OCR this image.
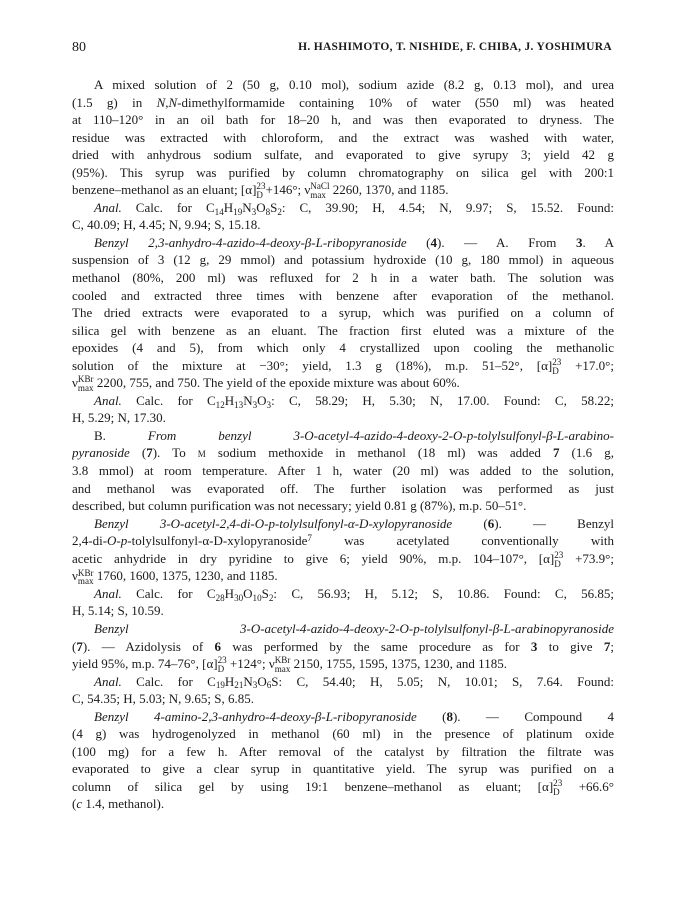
80	H. HASHIMOTO, T. NISHIDE, F. CHIBA, J. YOSHIMURA
A mixed solution of 2 (50 g, 0.10 mol), sodium azide (8.2 g, 0.13 mol), and urea
(1.5 g) in N,N-dimethylformamide containing 10% of water (550 ml) was heated
at 110–120° in an oil bath for 18–20 h, and was then evaporated to dryness. The
residue was extracted with chloroform, and the extract was washed with water,
dried with anhydrous sodium sulfate, and evaporated to give syrupy 3; yield 42 g
(95%). This syrup was purified by column chromatography on silica gel with 200:1
benzene–methanol as an eluant; [α] 23
D +146°; ν NaCl
max 2260, 1370, and 1185.
Anal. Calc. for $C_{14}H_{19}N_3O_8S_2$: C, 39.90; H, 4.54; N, 9.97; S, 15.52. Found:
C, 40.09; H, 4.45; N, 9.94; S, 15.18.
Benzyl 2,3-anhydro-4-azido-4-deoxy-β-L-ribopyranoside (4). — A. From 3. A
suspension of 3 (12 g, 29 mmol) and potassium hydroxide (10 g, 180 mmol) in aqueous
methanol (80%, 200 ml) was refluxed for 2 h in a water bath. The solution was
cooled and extracted three times with benzene after evaporation of the methanol.
The dried extracts were evaporated to a syrup, which was purified on a column of
silica gel with benzene as an eluant. The fraction first eluted was a mixture of the
epoxides (4 and 5), from which only 4 crystallized upon cooling the methanolic
solution of the mixture at −30°; yield, 1.3 g (18%), m.p. 51–52°, [α] 23
D +17.0°;
ν KBr
max 2200, 755, and 750. The yield of the epoxide mixture was about 60%.
Anal. Calc. for $C_{12}H_{13}N_3O_3$: C, 58.29; H, 5.30; N, 17.00. Found: C, 58.22;
H, 5.29; N, 17.30.
B. From benzyl 3-O-acetyl-4-azido-4-deoxy-2-O-p-tolylsulfonyl-β-L-arabino-
pyranoside (7). To m sodium methoxide in methanol (18 ml) was added 7 (1.6 g,
3.8 mmol) at room temperature. After 1 h, water (20 ml) was added to the solution,
and methanol was evaporated off. The further isolation was performed as just
described, but column purification was not necessary; yield 0.81 g (87%), m.p. 50–51°.
Benzyl 3-O-acetyl-2,4-di-O-p-tolylsulfonyl-α-D-xylopyranoside (6). — Benzyl
2,4-di-O-p-tolylsulfonyl-α-D-xylopyranoside$^7$ was acetylated conventionally with
acetic anhydride in dry pyridine to give 6; yield 90%, m.p. 104–107°, [α] 23
D +73.9°;
ν KBr
max 1760, 1600, 1375, 1230, and 1185.
Anal. Calc. for $C_{28}H_{30}O_{10}S_2$: C, 56.93; H, 5.12; S, 10.86. Found: C, 56.85;
H, 5.14; S, 10.59.
Benzyl 3-O-acetyl-4-azido-4-deoxy-2-O-p-tolylsulfonyl-β-L-arabinopyranoside
(7). — Azidolysis of 6 was performed by the same procedure as for 3 to give 7;
yield 95%, m.p. 74–76°, [α] 23
D +124°; ν KBr
max 2150, 1755, 1595, 1375, 1230, and 1185.
Anal. Calc. for $C_{19}H_{21}N_3O_6S$: C, 54.40; H, 5.05; N, 10.01; S, 7.64. Found:
C, 54.35; H, 5.03; N, 9.65; S, 6.85.
Benzyl 4-amino-2,3-anhydro-4-deoxy-β-L-ribopyranoside (8). — Compound 4
(4 g) was hydrogenolyzed in methanol (60 ml) in the presence of platinum oxide
(100 mg) for a few h. After removal of the catalyst by filtration the filtrate was
evaporated to give a clear syrup in quantitative yield. The syrup was purified on a
column of silica gel by using 19:1 benzene–methanol as eluant; [α] 23
D +66.6°
(c 1.4, methanol).
